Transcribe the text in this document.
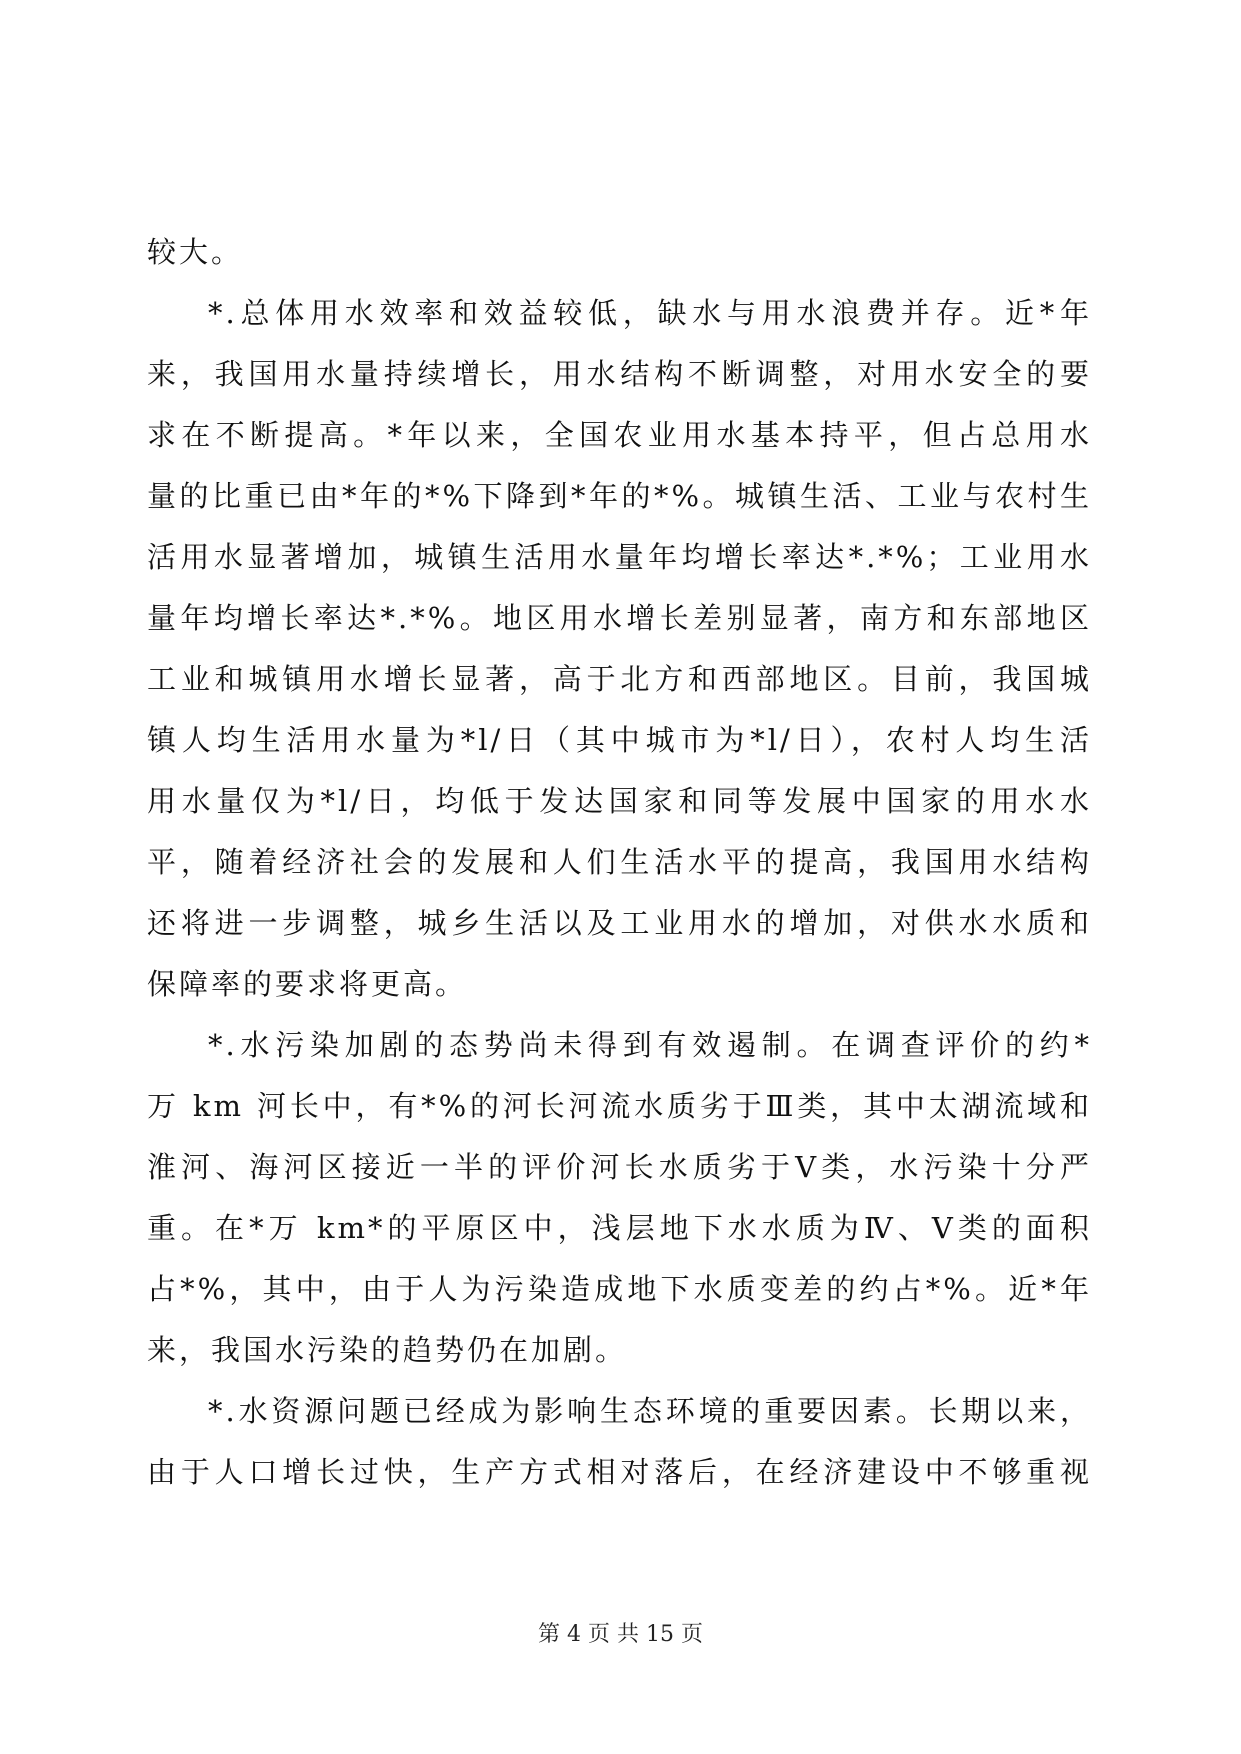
较大。
*.总体用水效率和效益较低，缺水与用水浪费并存。近*年
来，我国用水量持续增长，用水结构不断调整，对用水安全的要
求在不断提高。*年以来，全国农业用水基本持平，但占总用水
量的比重已由*年的*%下降到*年的*%。城镇生活、工业与农村生
活用水显著增加，城镇生活用水量年均增长率达*.*%；工业用水
量年均增长率达*.*%。地区用水增长差别显著，南方和东部地区
工业和城镇用水增长显著，高于北方和西部地区。目前，我国城
镇人均生活用水量为*l/日（其中城市为*l/日），农村人均生活
用水量仅为*l/日，均低于发达国家和同等发展中国家的用水水
平，随着经济社会的发展和人们生活水平的提高，我国用水结构
还将进一步调整，城乡生活以及工业用水的增加，对供水水质和
保障率的要求将更高。
*.水污染加剧的态势尚未得到有效遏制。在调查评价的约*
万 km 河长中，有*%的河长河流水质劣于Ⅲ类，其中太湖流域和
淮河、海河区接近一半的评价河长水质劣于Ⅴ类，水污染十分严
重。在*万 km*的平原区中，浅层地下水水质为Ⅳ、Ⅴ类的面积
占*%，其中，由于人为污染造成地下水质变差的约占*%。近*年
来，我国水污染的趋势仍在加剧。
*.水资源问题已经成为影响生态环境的重要因素。长期以来，
由于人口增长过快，生产方式相对落后，在经济建设中不够重视
第 4 页 共 15 页
